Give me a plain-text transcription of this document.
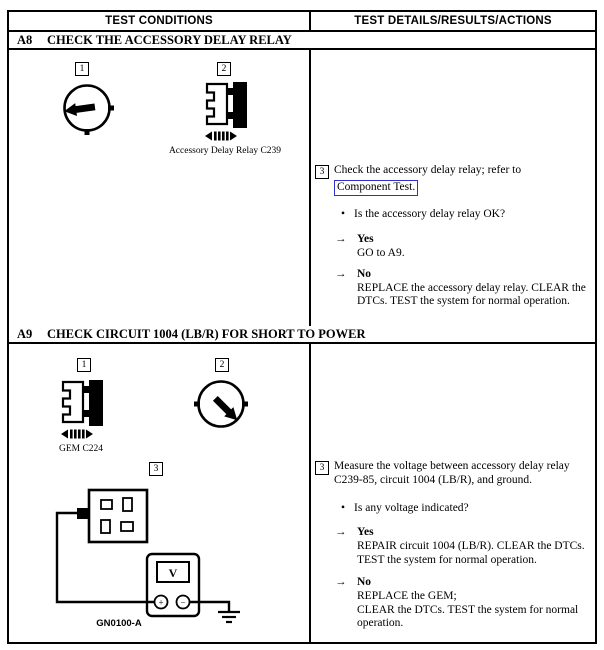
TEST CONDITIONS	TEST DETAILS/RESULTS/ACTIONS
A8	CHECK THE ACCESSORY DELAY RELAY
1	2
Accessory Delay Relay C239
3 Check the accessory delay relay; refer to
Component Test.
• Is the accessory delay relay OK?
→ Yes
GO to A9.
→ No
REPLACE the accessory delay relay. CLEAR the DTCs. TEST the system for normal operation.
A9	CHECK CIRCUIT 1004 (LB/R) FOR SHORT TO POWER
1
GEM C224
2
3
V
+ −
GN0100-A
3 Measure the voltage between accessory delay relay C239-85, circuit 1004 (LB/R), and ground.
• Is any voltage indicated?
→ Yes
REPAIR circuit 1004 (LB/R). CLEAR the DTCs. TEST the system for normal operation.
→ No
REPLACE the GEM;
CLEAR the DTCs. TEST the system for normal operation.
